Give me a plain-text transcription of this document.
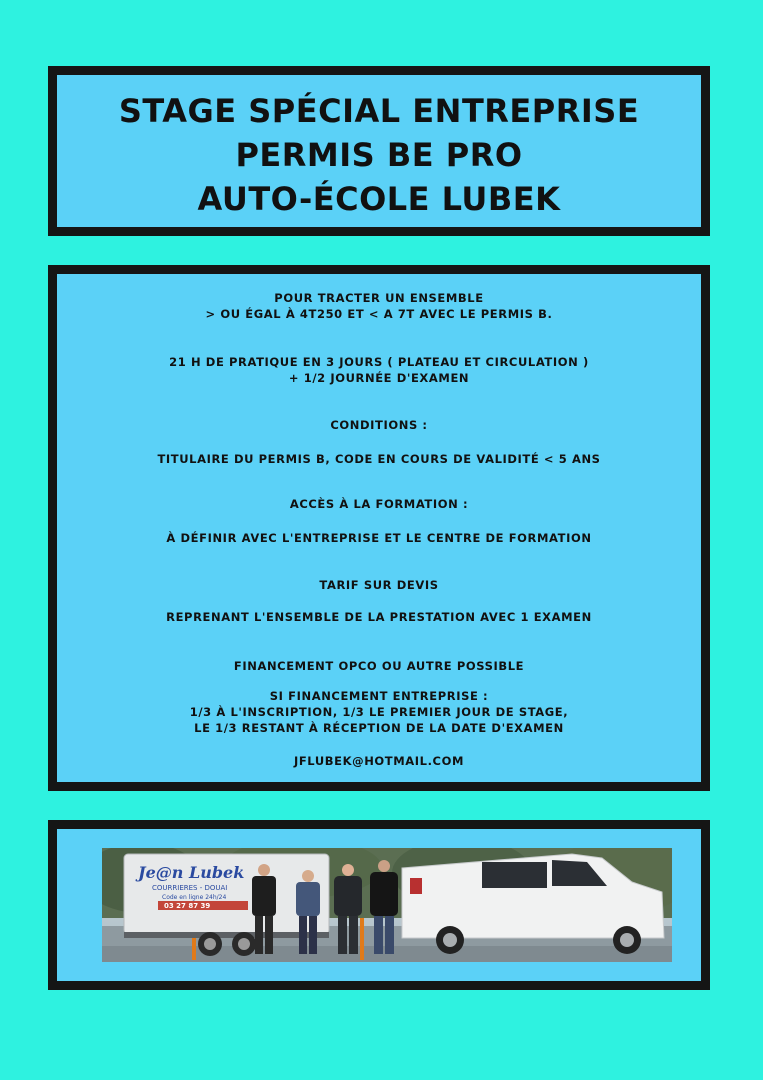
STAGE SPÉCIAL ENTREPRISE
PERMIS BE PRO
AUTO-ÉCOLE LUBEK
POUR TRACTER UN ENSEMBLE
> OU ÉGAL À 4T250 ET < A 7T AVEC LE PERMIS B.
21 H DE PRATIQUE EN 3 JOURS ( PLATEAU ET CIRCULATION )
+ 1/2 JOURNÉE D'EXAMEN
CONDITIONS :
TITULAIRE DU PERMIS B, CODE EN COURS DE VALIDITÉ < 5 ANS
ACCÈS À LA FORMATION :
À DÉFINIR AVEC L'ENTREPRISE ET LE CENTRE DE FORMATION
TARIF SUR DEVIS
REPRENANT L'ENSEMBLE DE LA PRESTATION AVEC 1 EXAMEN
FINANCEMENT OPCO OU AUTRE POSSIBLE
SI FINANCEMENT ENTREPRISE :
1/3 À L'INSCRIPTION, 1/3 LE PREMIER JOUR DE STAGE,
LE 1/3 RESTANT À RÉCEPTION DE LA DATE D'EXAMEN
JFLUBEK@HOTMAIL.COM
Je@n Lubek
COURRIERES - DOUAI
Code en ligne 24h/24
03 27 87 39
